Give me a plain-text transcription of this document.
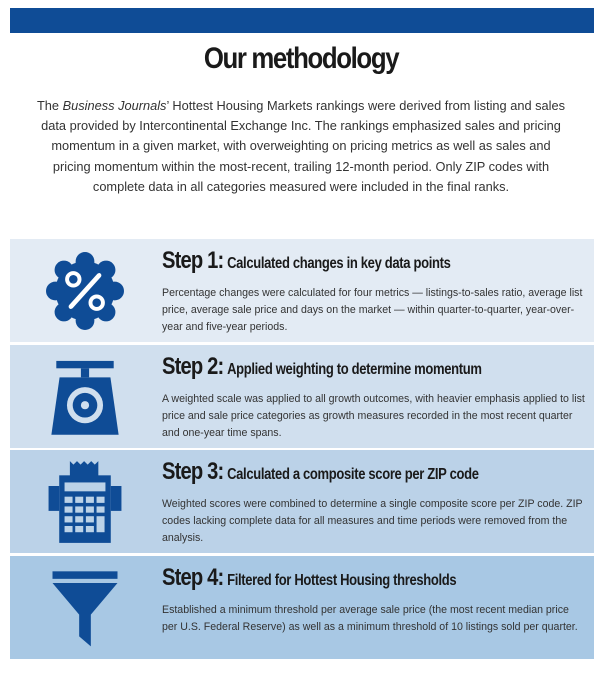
Our methodology
The Business Journals’ Hottest Housing Markets rankings were derived from listing and sales data provided by Intercontinental Exchange Inc. The rankings emphasized sales and pricing momentum in a given market, with overweighting on pricing metrics as well as sales and pricing momentum within the most-recent, trailing 12-month period. Only ZIP codes with complete data in all categories measured were included in the final ranks.
Step 1: Calculated changes in key data points
Percentage changes were calculated for four metrics — listings-to-sales ratio, average list price, average sale price and days on the market — within quarter-to-quarter, year-over-year and five-year periods.
Step 2: Applied weighting to determine momentum
A weighted scale was applied to all growth outcomes, with heavier emphasis applied to list price and sale price categories as growth measures recorded in the most recent quarter and one-year time spans.
Step 3: Calculated a composite score per ZIP code
Weighted scores were combined to determine a single composite score per ZIP code. ZIP codes lacking complete data for all measures and time periods were removed from the analysis.
Step 4: Filtered for Hottest Housing thresholds
Established a minimum threshold per average sale price (the most recent median price per U.S. Federal Reserve) as well as a minimum threshold of 10 listings sold per quarter.
